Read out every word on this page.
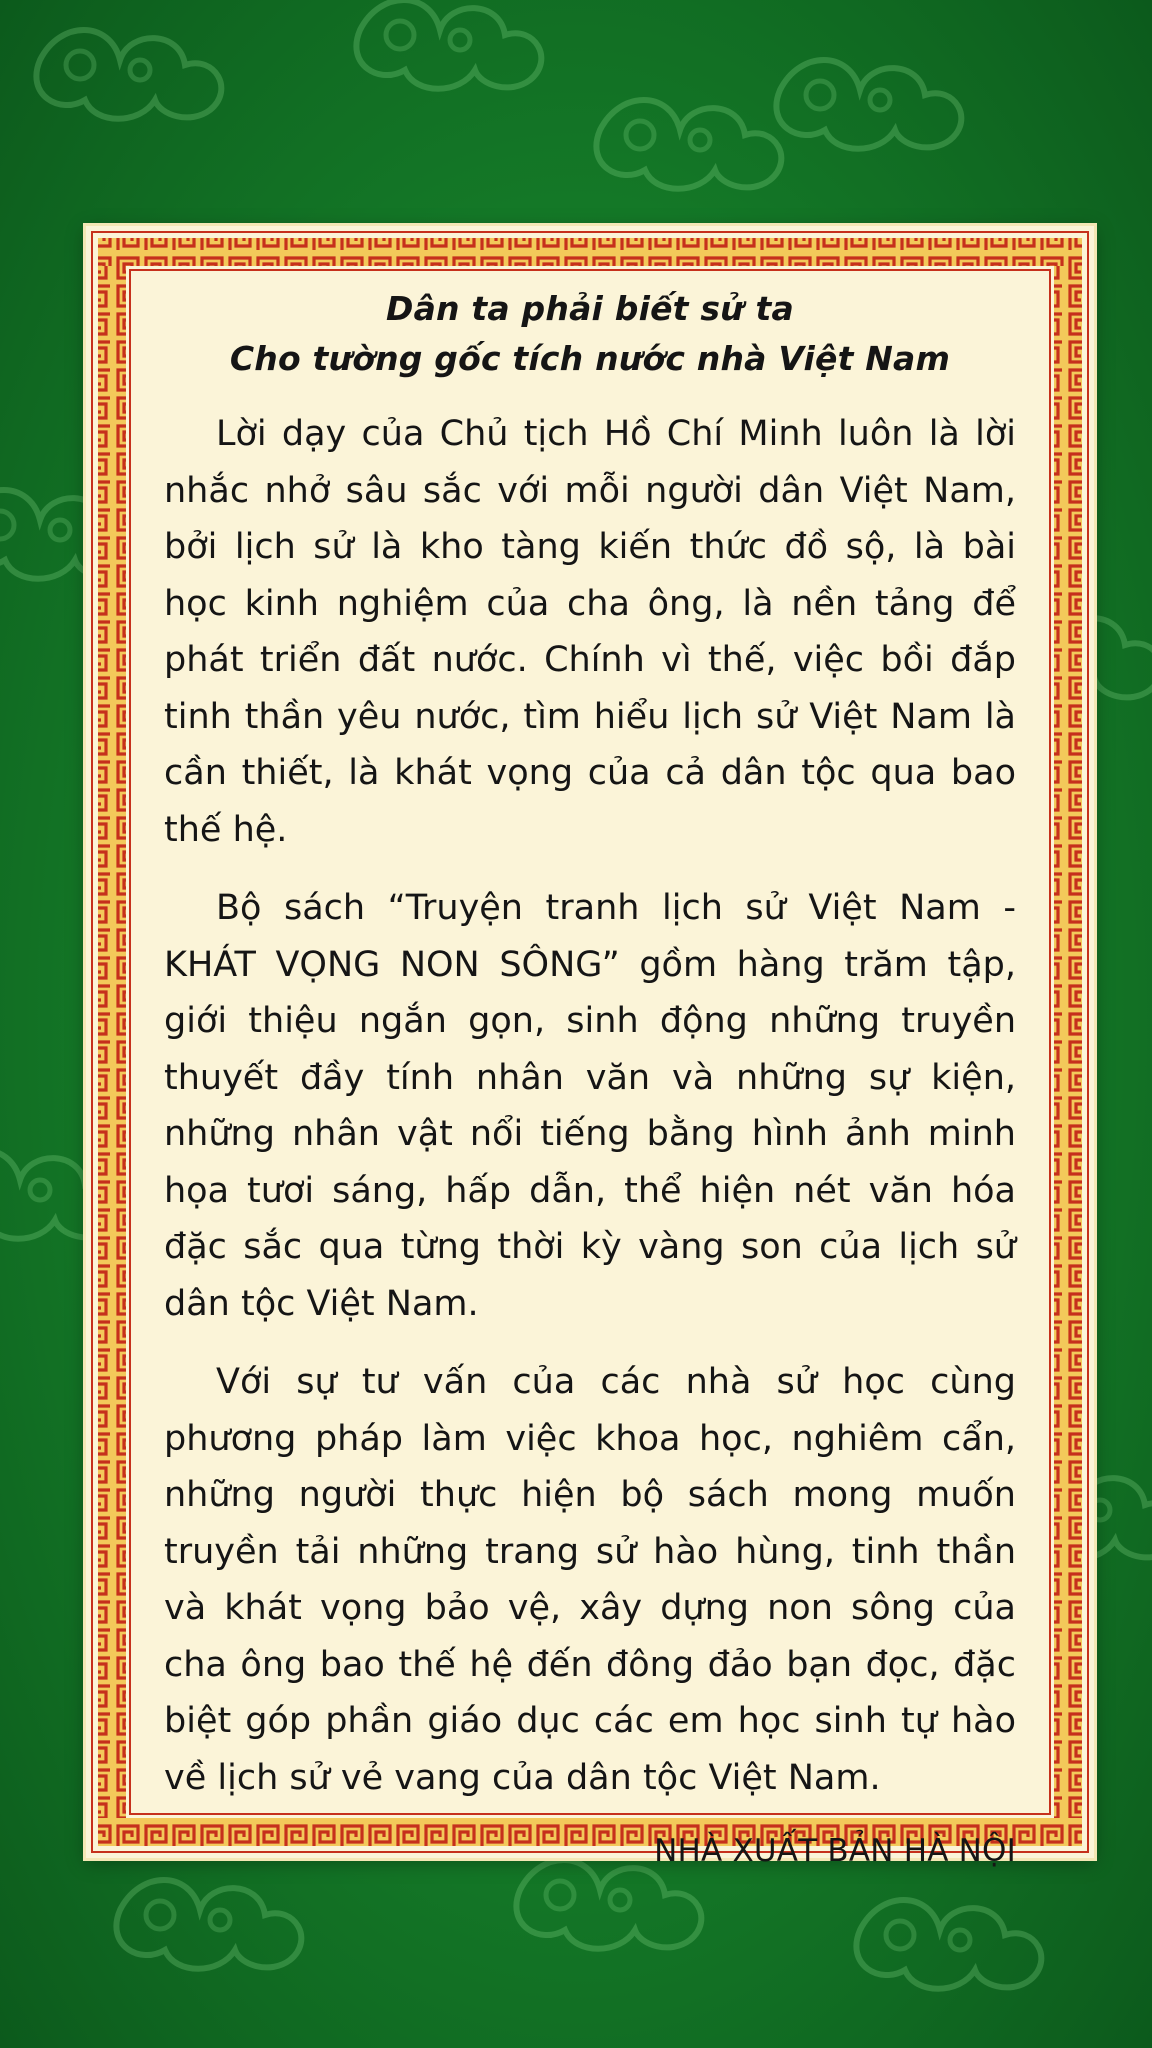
Dân ta phải biết sử ta
Cho tường gốc tích nước nhà Việt Nam

Lời dạy của Chủ tịch Hồ Chí Minh luôn là lời nhắc nhở sâu sắc với mỗi người dân Việt Nam, bởi lịch sử là kho tàng kiến thức đồ sộ, là bài học kinh nghiệm của cha ông, là nền tảng để phát triển đất nước. Chính vì thế, việc bồi đắp tinh thần yêu nước, tìm hiểu lịch sử Việt Nam là cần thiết, là khát vọng của cả dân tộc qua bao thế hệ.

Bộ sách “Truyện tranh lịch sử Việt Nam - KHÁT VỌNG NON SÔNG” gồm hàng trăm tập, giới thiệu ngắn gọn, sinh động những truyền thuyết đầy tính nhân văn và những sự kiện, những nhân vật nổi tiếng bằng hình ảnh minh họa tươi sáng, hấp dẫn, thể hiện nét văn hóa đặc sắc qua từng thời kỳ vàng son của lịch sử dân tộc Việt Nam.

Với sự tư vấn của các nhà sử học cùng phương pháp làm việc khoa học, nghiêm cẩn, những người thực hiện bộ sách mong muốn truyền tải những trang sử hào hùng, tinh thần và khát vọng bảo vệ, xây dựng non sông của cha ông bao thế hệ đến đông đảo bạn đọc, đặc biệt góp phần giáo dục các em học sinh tự hào về lịch sử vẻ vang của dân tộc Việt Nam.

NHÀ XUẤT BẢN HÀ NỘI
